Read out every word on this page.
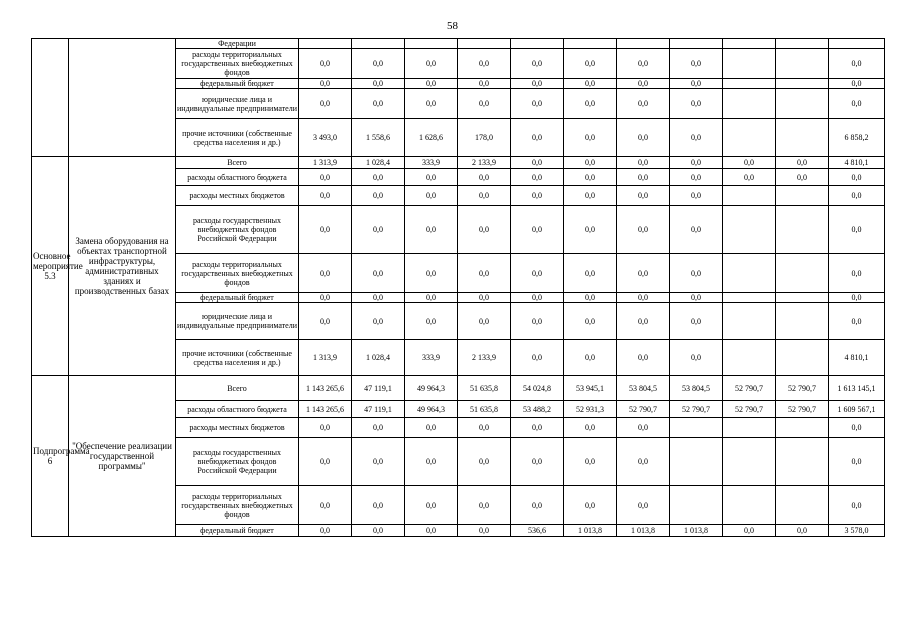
58
		Федерации											
		расходы территориальных государственных внебюджетных фондов	0,0	0,0	0,0	0,0	0,0	0,0	0,0	0,0			0,0
		федеральный бюджет	0,0	0,0	0,0	0,0	0,0	0,0	0,0	0,0			0,0
		юридические лица и индивидуальные предприниматели	0,0	0,0	0,0	0,0	0,0	0,0	0,0	0,0			0,0
		прочие источники (собственные средства населения и др.)	3 493,0	1 558,6	1 628,6	178,0	0,0	0,0	0,0	0,0			6 858,2
Основное мероприятие 5.3	Замена оборудования на объектах транспортной инфраструктуры, административных зданиях и производственных базах	Всего	1 313,9	1 028,4	333,9	2 133,9	0,0	0,0	0,0	0,0	0,0	0,0	4 810,1
		расходы областного бюджета	0,0	0,0	0,0	0,0	0,0	0,0	0,0	0,0	0,0	0,0	0,0
		расходы местных бюджетов	0,0	0,0	0,0	0,0	0,0	0,0	0,0	0,0			0,0
		расходы государственных внебюджетных фондов Российской Федерации	0,0	0,0	0,0	0,0	0,0	0,0	0,0	0,0			0,0
		расходы территориальных государственных внебюджетных фондов	0,0	0,0	0,0	0,0	0,0	0,0	0,0	0,0			0,0
		федеральный бюджет	0,0	0,0	0,0	0,0	0,0	0,0	0,0	0,0			0,0
		юридические лица и индивидуальные предприниматели	0,0	0,0	0,0	0,0	0,0	0,0	0,0	0,0			0,0
		прочие источники (собственные средства населения и др.)	1 313,9	1 028,4	333,9	2 133,9	0,0	0,0	0,0	0,0			4 810,1
Подпрограмма 6	"Обеспечение реализации государственной программы"	Всего	1 143 265,6	47 119,1	49 964,3	51 635,8	54 024,8	53 945,1	53 804,5	53 804,5	52 790,7	52 790,7	1 613 145,1
		расходы областного бюджета	1 143 265,6	47 119,1	49 964,3	51 635,8	53 488,2	52 931,3	52 790,7	52 790,7	52 790,7	52 790,7	1 609 567,1
		расходы местных бюджетов	0,0	0,0	0,0	0,0	0,0	0,0	0,0				0,0
		расходы государственных внебюджетных фондов Российской Федерации	0,0	0,0	0,0	0,0	0,0	0,0	0,0				0,0
		расходы территориальных государственных внебюджетных фондов	0,0	0,0	0,0	0,0	0,0	0,0	0,0				0,0
		федеральный бюджет	0,0	0,0	0,0	0,0	536,6	1 013,8	1 013,8	1 013,8	0,0	0,0	3 578,0
